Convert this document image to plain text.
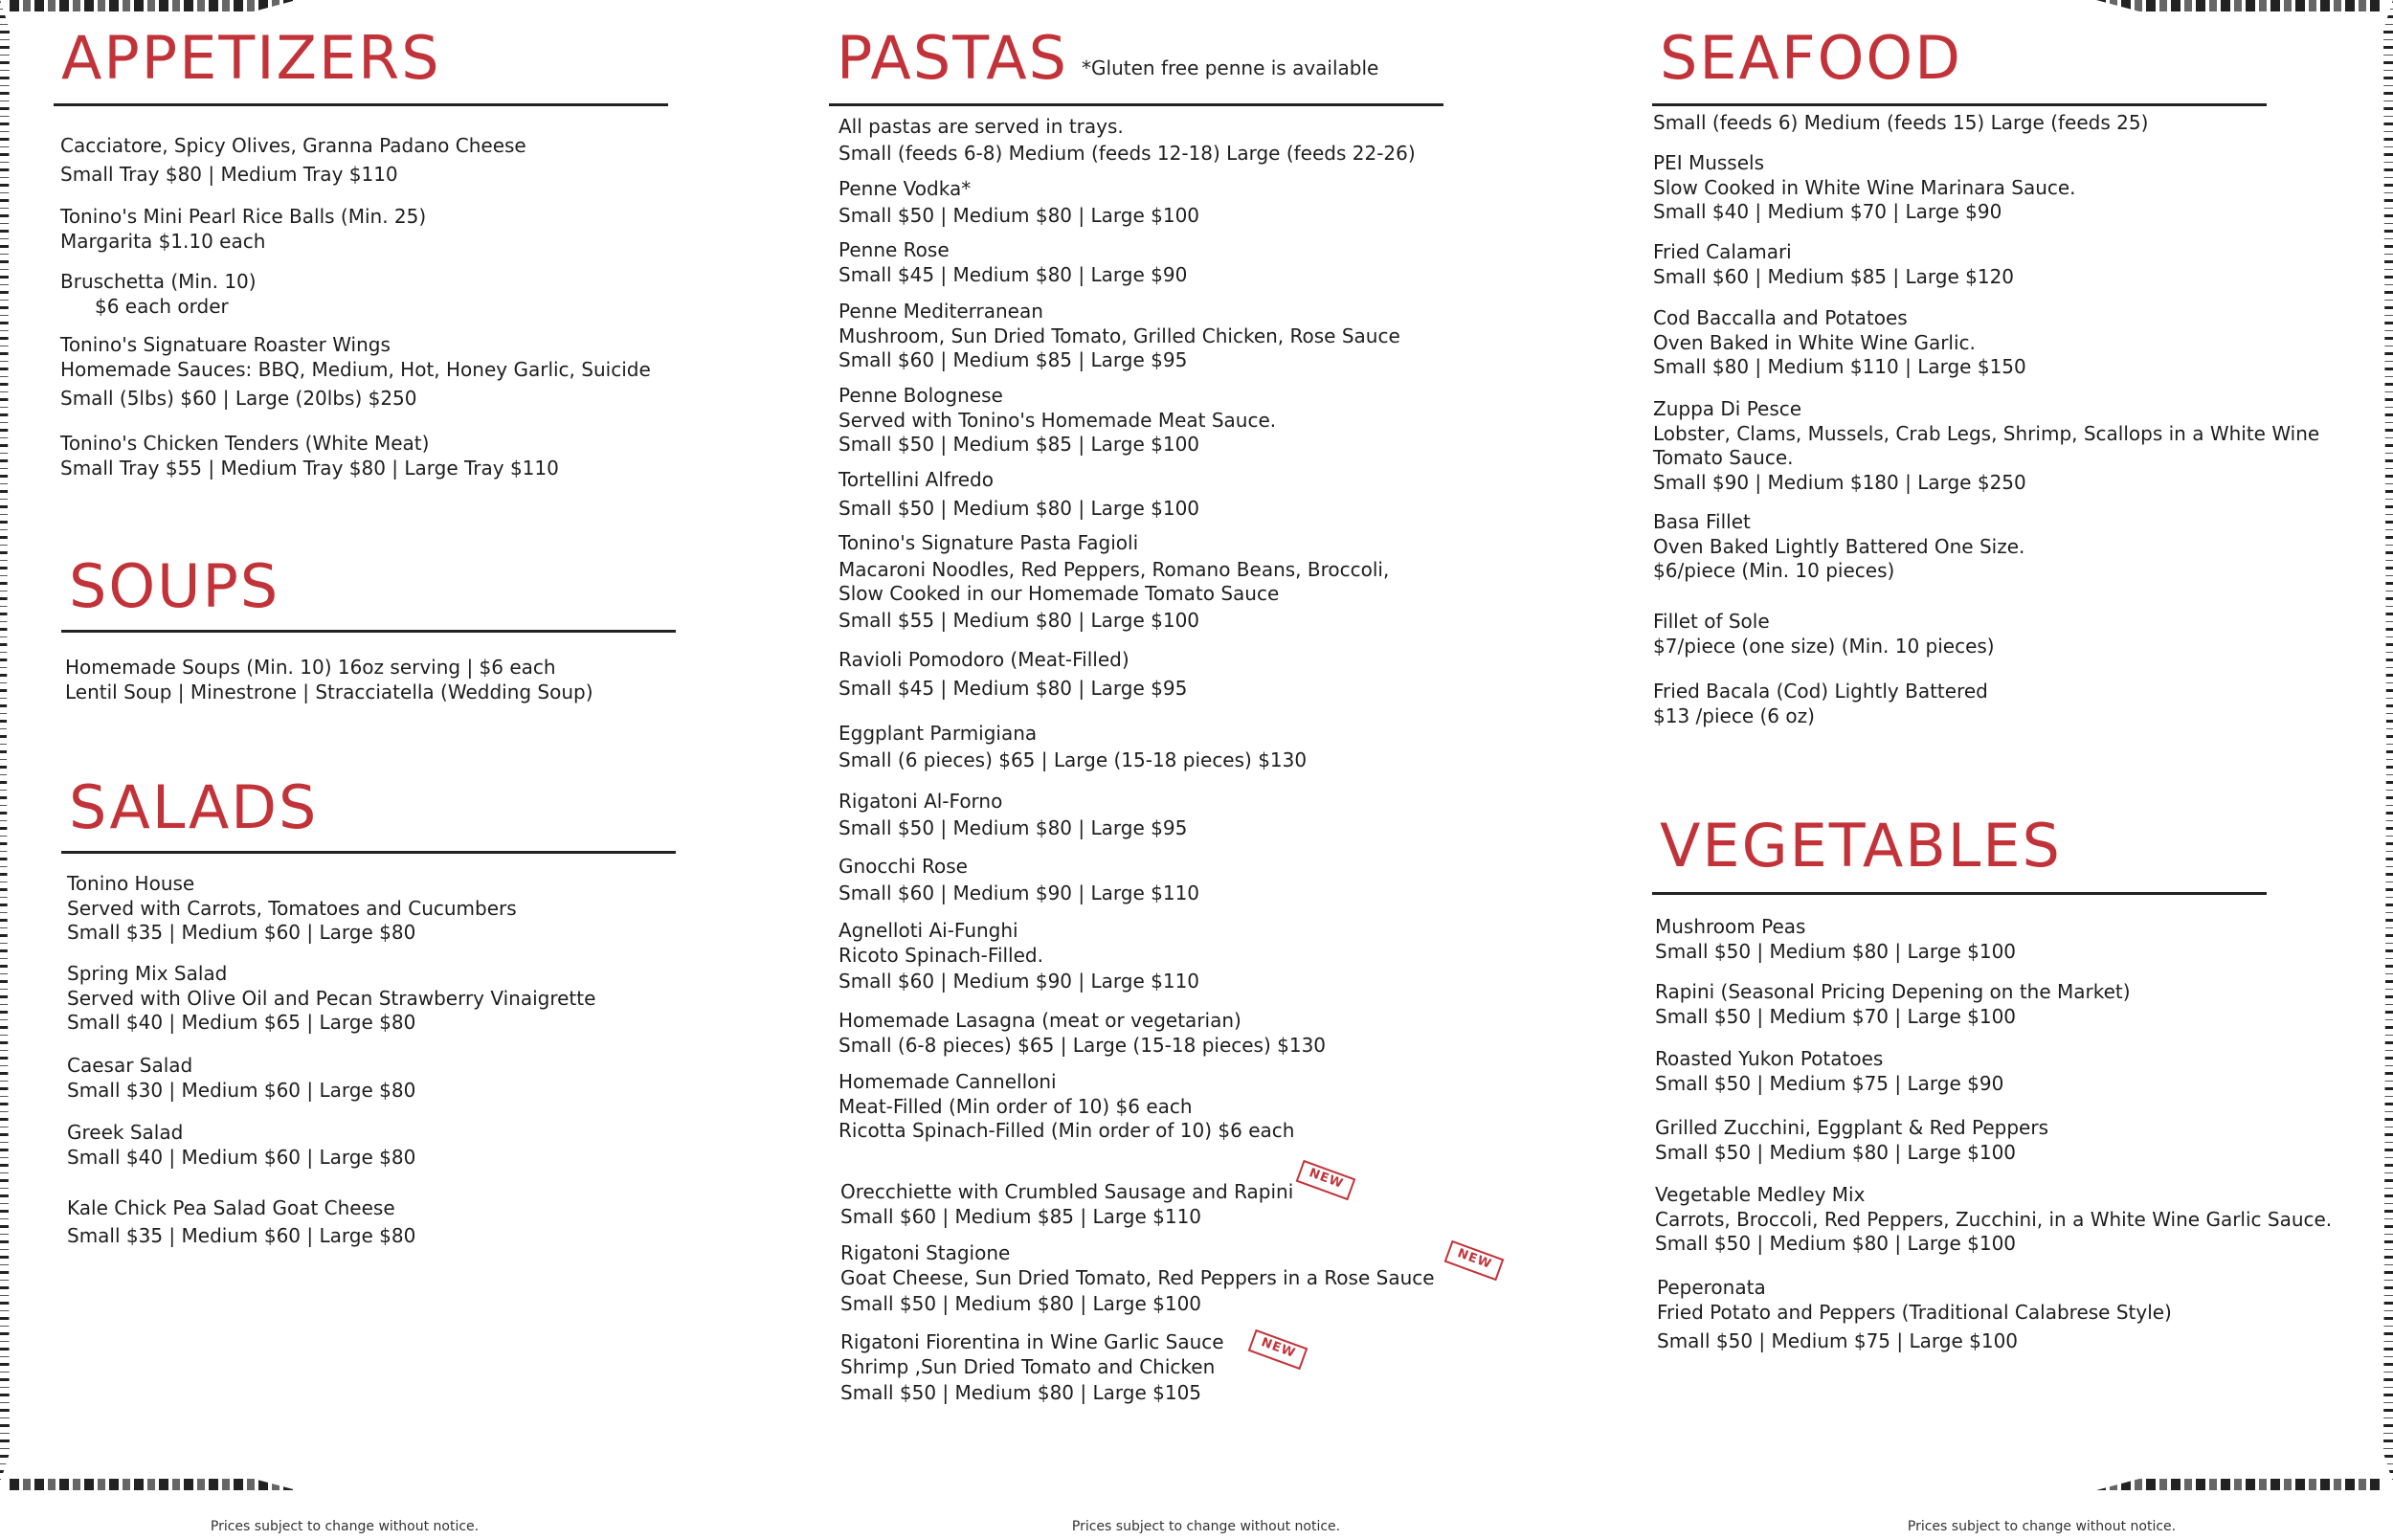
APPETIZERS
Cacciatore, Spicy Olives, Granna Padano Cheese
Small Tray $80 | Medium Tray $110
Tonino's Mini Pearl Rice Balls (Min. 25)
Margarita $1.10 each
Bruschetta (Min. 10)
$6 each order
Tonino's Signatuare Roaster Wings
Homemade Sauces: BBQ, Medium, Hot, Honey Garlic, Suicide
Small (5lbs) $60 | Large (20lbs) $250
Tonino's Chicken Tenders (White Meat)
Small Tray $55 | Medium Tray $80 | Large Tray $110
SOUPS
Homemade Soups (Min. 10) 16oz serving | $6 each
Lentil Soup | Minestrone | Stracciatella (Wedding Soup)
SALADS
Tonino House
Served with Carrots, Tomatoes and Cucumbers
Small $35 | Medium $60 | Large $80
Spring Mix Salad
Served with Olive Oil and Pecan Strawberry Vinaigrette
Small $40 | Medium $65 | Large $80
Caesar Salad
Small $30 | Medium $60 | Large $80
Greek Salad
Small $40 | Medium $60 | Large $80
Kale Chick Pea Salad Goat Cheese
Small $35 | Medium $60 | Large $80
PASTAS *Gluten free penne is available
All pastas are served in trays.
Small (feeds 6-8) Medium (feeds 12-18) Large (feeds 22-26)
Penne Vodka*
Small $50 | Medium $80 | Large $100
Penne Rose
Small $45 | Medium $80 | Large $90
Penne Mediterranean
Mushroom, Sun Dried Tomato, Grilled Chicken, Rose Sauce
Small $60 | Medium $85 | Large $95
Penne Bolognese
Served with Tonino's Homemade Meat Sauce.
Small $50 | Medium $85 | Large $100
Tortellini Alfredo
Small $50 | Medium $80 | Large $100
Tonino's Signature Pasta Fagioli
Macaroni Noodles, Red Peppers, Romano Beans, Broccoli,
Slow Cooked in our Homemade Tomato Sauce
Small $55 | Medium $80 | Large $100
Ravioli Pomodoro (Meat-Filled)
Small $45 | Medium $80 | Large $95
Eggplant Parmigiana
Small (6 pieces) $65 | Large (15-18 pieces) $130
Rigatoni Al-Forno
Small $50 | Medium $80 | Large $95
Gnocchi Rose
Small $60 | Medium $90 | Large $110
Agnelloti Ai-Funghi
Ricoto Spinach-Filled.
Small $60 | Medium $90 | Large $110
Homemade Lasagna (meat or vegetarian)
Small (6-8 pieces) $65 | Large (15-18 pieces) $130
Homemade Cannelloni
Meat-Filled (Min order of 10) $6 each
Ricotta Spinach-Filled (Min order of 10) $6 each
Orecchiette with Crumbled Sausage and Rapini
Small $60 | Medium $85 | Large $110
NEW
Rigatoni Stagione
Goat Cheese, Sun Dried Tomato, Red Peppers in a Rose Sauce
Small $50 | Medium $80 | Large $100
NEW
Rigatoni Fiorentina in Wine Garlic Sauce
Shrimp ,Sun Dried Tomato and Chicken
Small $50 | Medium $80 | Large $105
NEW
SEAFOOD
Small (feeds 6) Medium (feeds 15) Large (feeds 25)
PEI Mussels
Slow Cooked in White Wine Marinara Sauce.
Small $40 | Medium $70 | Large $90
Fried Calamari
Small $60 | Medium $85 | Large $120
Cod Baccalla and Potatoes
Oven Baked in White Wine Garlic.
Small $80 | Medium $110 | Large $150
Zuppa Di Pesce
Lobster, Clams, Mussels, Crab Legs, Shrimp, Scallops in a White Wine
Tomato Sauce.
Small $90 | Medium $180 | Large $250
Basa Fillet
Oven Baked Lightly Battered One Size.
$6/piece (Min. 10 pieces)
Fillet of Sole
$7/piece (one size) (Min. 10 pieces)
Fried Bacala (Cod) Lightly Battered
$13 /piece (6 oz)
VEGETABLES
Mushroom Peas
Small $50 | Medium $80 | Large $100
Rapini (Seasonal Pricing Depening on the Market)
Small $50 | Medium $70 | Large $100
Roasted Yukon Potatoes
Small $50 | Medium $75 | Large $90
Grilled Zucchini, Eggplant & Red Peppers
Small $50 | Medium $80 | Large $100
Vegetable Medley Mix
Carrots, Broccoli, Red Peppers, Zucchini, in a White Wine Garlic Sauce.
Small $50 | Medium $80 | Large $100
Peperonata
Fried Potato and Peppers (Traditional Calabrese Style)
Small $50 | Medium $75 | Large $100
Prices subject to change without notice.	Prices subject to change without notice.	Prices subject to change without notice.
